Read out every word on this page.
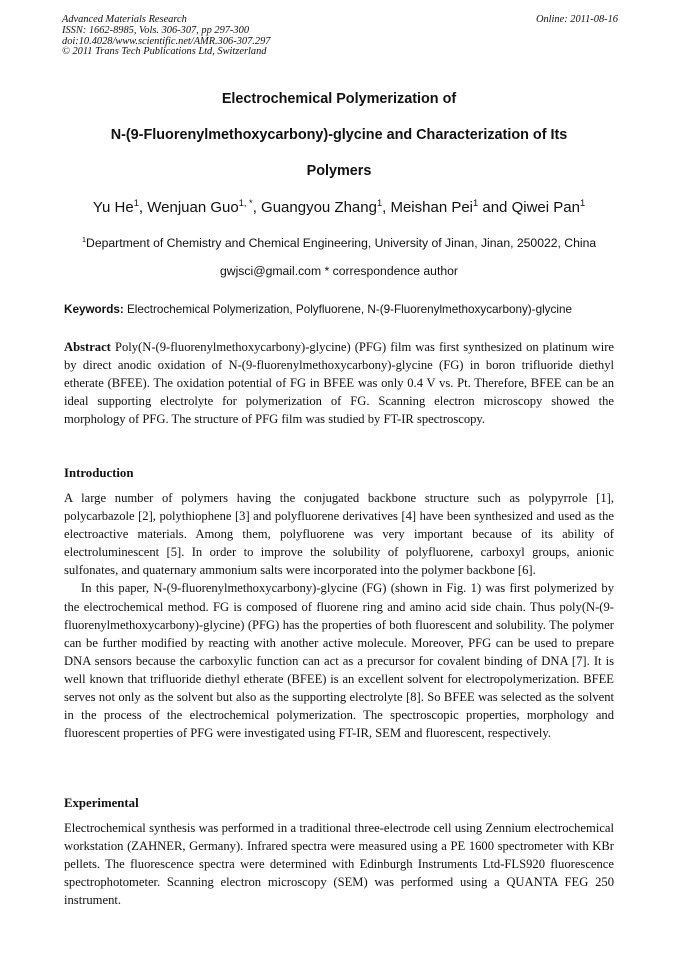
Advanced Materials Research
ISSN: 1662-8985, Vols. 306-307, pp 297-300
doi:10.4028/www.scientific.net/AMR.306-307.297
© 2011 Trans Tech Publications Ltd, Switzerland
Online: 2011-08-16
Electrochemical Polymerization of
N-(9-Fluorenylmethoxycarbony)-glycine and Characterization of Its
Polymers
Yu He$^1$, Wenjuan Guo$^{1, *}$, Guangyou Zhang$^1$, Meishan Pei$^1$ and Qiwei Pan$^1$
$^1$Department of Chemistry and Chemical Engineering, University of Jinan, Jinan, 250022, China
gwjsci@gmail.com * correspondence author
Keywords: Electrochemical Polymerization, Polyfluorene, N-(9-Fluorenylmethoxycarbony)-glycine

Abstract Poly(N-(9-fluorenylmethoxycarbony)-glycine) (PFG) film was first synthesized on platinum wire by direct anodic oxidation of N-(9-fluorenylmethoxycarbony)-glycine (FG) in boron trifluoride diethyl etherate (BFEE). The oxidation potential of FG in BFEE was only 0.4 V vs. Pt. Therefore, BFEE can be an ideal supporting electrolyte for polymerization of FG. Scanning electron microscopy showed the morphology of PFG. The structure of PFG film was studied by FT-IR spectroscopy.

Introduction

A large number of polymers having the conjugated backbone structure such as polypyrrole [1], polycarbazole [2], polythiophene [3] and polyfluorene derivatives [4] have been synthesized and used as the electroactive materials. Among them, polyfluorene was very important because of its ability of electroluminescent [5]. In order to improve the solubility of polyfluorene, carboxyl groups, anionic sulfonates, and quaternary ammonium salts were incorporated into the polymer backbone [6].

In this paper, N-(9-fluorenylmethoxycarbony)-glycine (FG) (shown in Fig. 1) was first polymerized by the electrochemical method. FG is composed of fluorene ring and amino acid side chain. Thus poly(N-(9-fluorenylmethoxycarbony)-glycine) (PFG) has the properties of both fluorescent and solubility. The polymer can be further modified by reacting with another active molecule. Moreover, PFG can be used to prepare DNA sensors because the carboxylic function can act as a precursor for covalent binding of DNA [7]. It is well known that trifluoride diethyl etherate (BFEE) is an excellent solvent for electropolymerization. BFEE serves not only as the solvent but also as the supporting electrolyte [8]. So BFEE was selected as the solvent in the process of the electrochemical polymerization. The spectroscopic properties, morphology and fluorescent properties of PFG were investigated using FT-IR, SEM and fluorescent, respectively.

Experimental

Electrochemical synthesis was performed in a traditional three-electrode cell using Zennium electrochemical workstation (ZAHNER, Germany). Infrared spectra were measured using a PE 1600 spectrometer with KBr pellets. The fluorescence spectra were determined with Edinburgh Instruments Ltd-FLS920 fluorescence spectrophotometer. Scanning electron microscopy (SEM) was performed using a QUANTA FEG 250 instrument.
